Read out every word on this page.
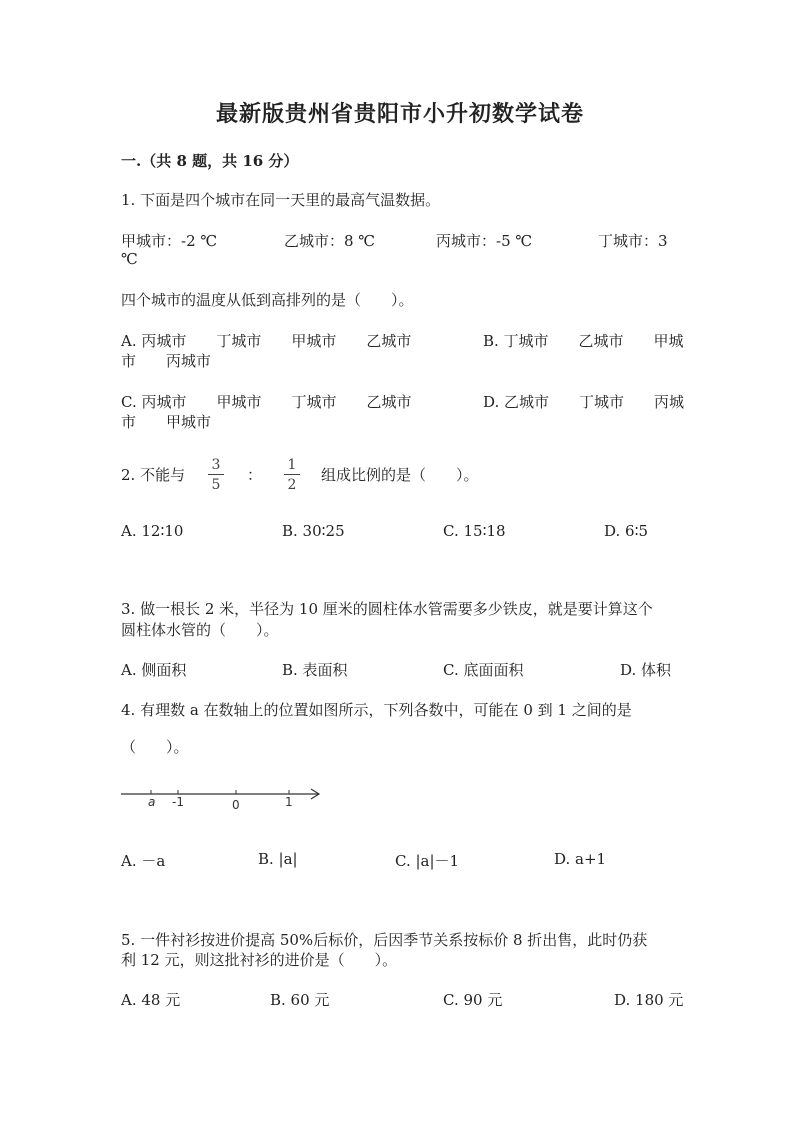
最新版贵州省贵阳市小升初数学试卷
一.（共 8 题，共 16 分）
1. 下面是四个城市在同一天里的最高气温数据。
甲城市：-2 ℃	乙城市：8 ℃	丙城市：-5 ℃	丁城市：3
℃
四个城市的温度从低到高排列的是（　　）。
A. 丙城市　　丁城市　　甲城市　　乙城市	B. 丁城市　　乙城市　　甲城
市　　丙城市
C. 丙城市　　甲城市　　丁城市　　乙城市	D. 乙城市　　丁城市　　丙城
市　　甲城市
2. 不能与 $\frac{3}{5}$ ： $\frac{1}{2}$ 组成比例的是（　　）。
A. 12∶10	B. 30∶25	C. 15∶18	D. 6∶5
3. 做一根长 2 米，半径为 10 厘米的圆柱体水管需要多少铁皮，就是要计算这个
圆柱体水管的（　　）。
A. 侧面积	B. 表面积	C. 底面面积	D. 体积
4. 有理数 a 在数轴上的位置如图所示，下列各数中，可能在 0 到 1 之间的是
（　　）。
a -1	0	1
A. －a	B. |a|	C. |a|－1	D. a+1
5. 一件衬衫按进价提高 50%后标价，后因季节关系按标价 8 折出售，此时仍获
利 12 元，则这批衬衫的进价是（　　）。
A. 48 元	B. 60 元	C. 90 元	D. 180 元
